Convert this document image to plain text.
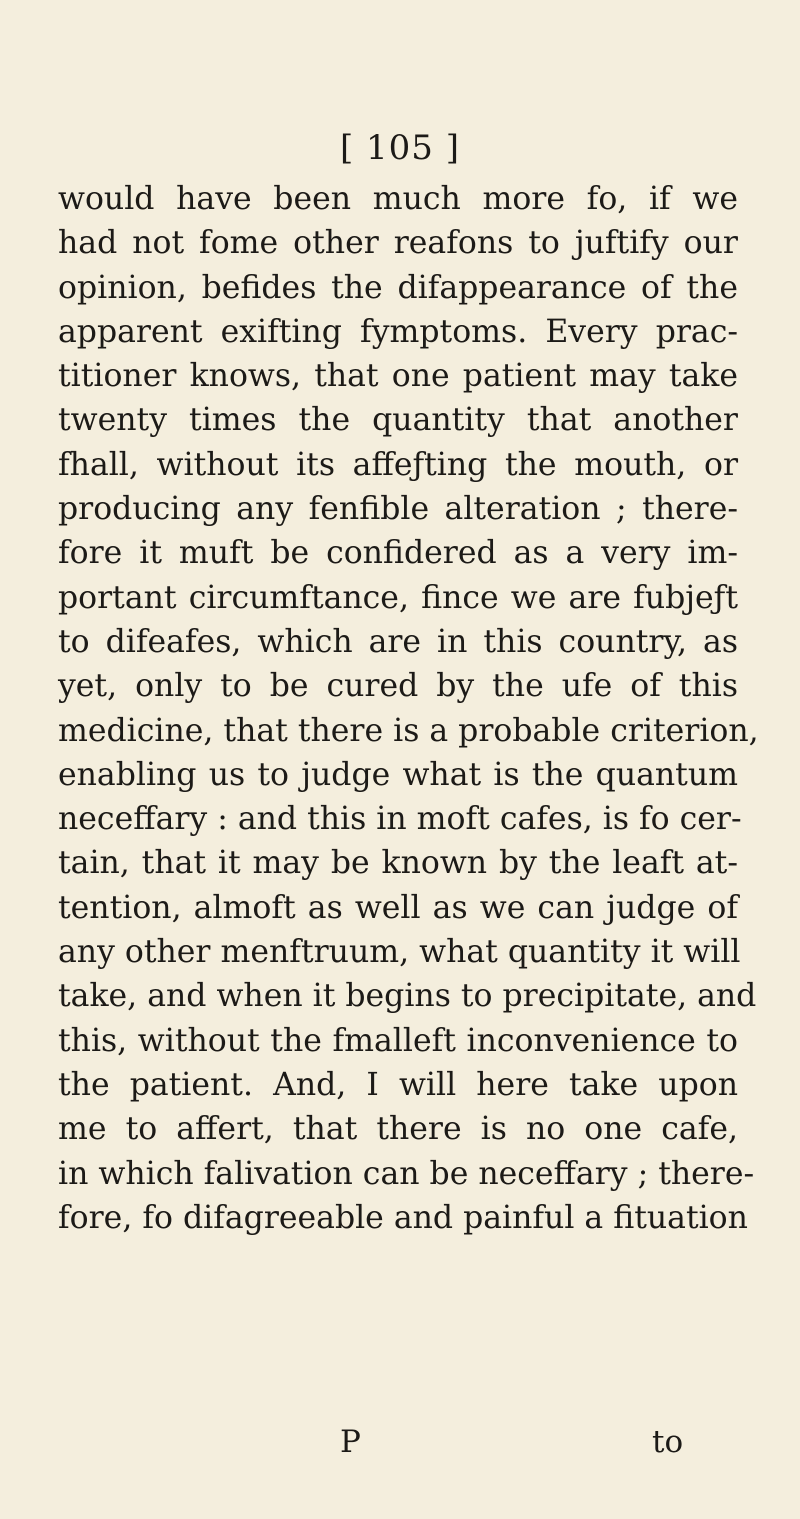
[ 105 ]
would have been much more fo, if we
had not fome other reafons to juftify our
opinion, befides the difappearance of the
apparent exifting fymptoms. Every prac-
titioner knows, that one patient may take
twenty times the quantity that another
fhall, without its affeƒting the mouth, or
producing any fenfible alteration ; there-
fore it muft be confidered as a very im-
portant circumftance, fince we are fubjeƒt
to difeafes, which are in this country, as
yet, only to be cured by the ufe of this
medicine, that there is a probable criterion,
enabling us to judge what is the quantum
neceffary : and this in moft cafes, is fo cer-
tain, that it may be known by the leaft at-
tention, almoft as well as we can judge of
any other menftruum, what quantity it will
take, and when it begins to precipitate, and
this, without the fmalleft inconvenience to
the patient. And, I will here take upon
me to affert, that there is no one cafe,
in which falivation can be neceffary ; there-
fore, fo difagreeable and painful a fituation
P	to
